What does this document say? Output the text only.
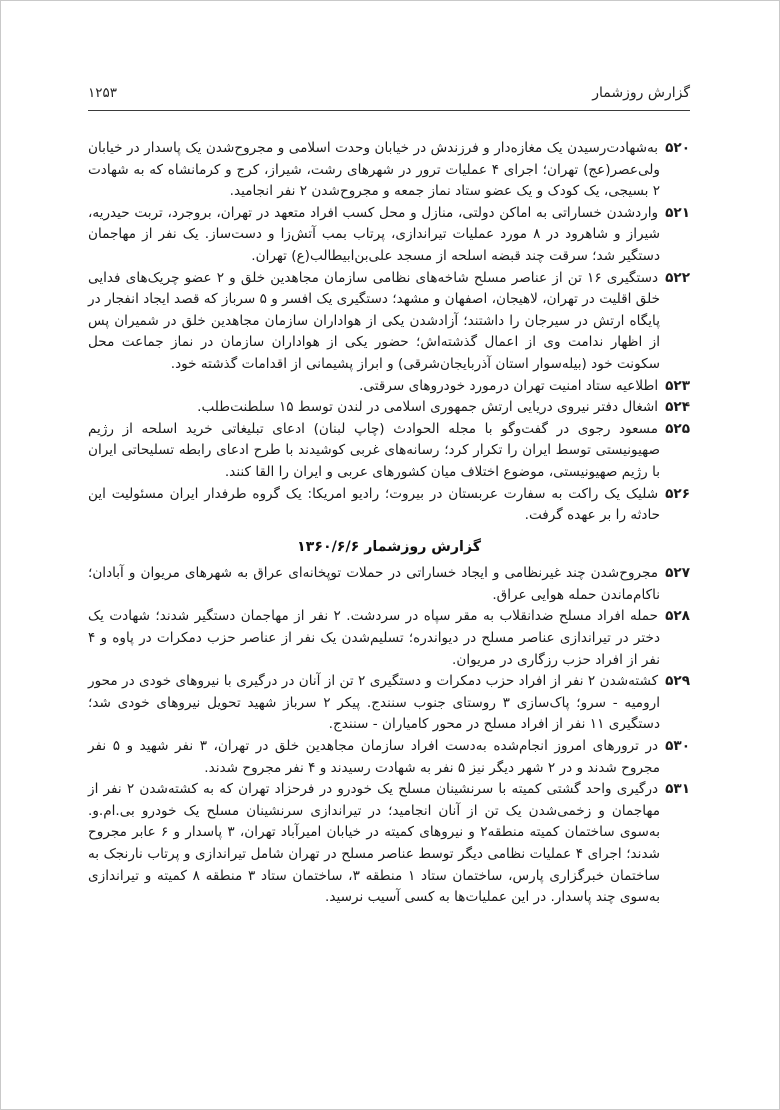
گزارش روزشمار
۱۲۵۳

۵۲۰به‌شهادت‌رسیدن یک مغازه‌دار و فرزندش در خیابان وحدت اسلامی و مجروح‌شدن یک پاسدار در خیابان ولی‌عصر(عج) تهران؛ اجرای ۴ عملیات ترور در شهرهای رشت، شیراز، کرج و کرمانشاه که به شهادت ۲ بسیجی، یک کودک و یک عضو ستاد نماز جمعه و مجروح‌شدن ۲ نفر انجامید.

۵۲۱واردشدن خساراتی به اماکن دولتی، منازل و محل کسب افراد متعهد در تهران، بروجرد، تربت حیدریه، شیراز و شاهرود در ۸ مورد عملیات تیراندازی، پرتاب بمب آتش‌زا و دست‌ساز. یک نفر از مهاجمان دستگیر شد؛ سرقت چند قبضه اسلحه از مسجد علی‌بن‌ابیطالب(ع) تهران.

۵۲۲دستگیری ۱۶ تن از عناصر مسلح شاخه‌های نظامی سازمان مجاهدین خلق و ۲ عضو چریک‌های فدایی خلق اقلیت در تهران، لاهیجان، اصفهان و مشهد؛ دستگیری یک افسر و ۵ سرباز که قصد ایجاد انفجار در پایگاه ارتش در سیرجان را داشتند؛ آزادشدن یکی از هواداران سازمان مجاهدین خلق در شمیران پس از اظهار ندامت وی از اعمال گذشته‌اش؛ حضور یکی از هواداران سازمان در نماز جماعت محل سکونت خود (بیله‌سوار استان آذربایجان‌شرقی) و ابراز پشیمانی از اقدامات گذشته خود.

۵۲۳اطلاعیه ستاد امنیت تهران درمورد خودروهای سرقتی.

۵۲۴اشغال دفتر نیروی دریایی ارتش جمهوری اسلامی در لندن توسط ۱۵ سلطنت‌طلب.

۵۲۵مسعود رجوی در گفت‌وگو با مجله الحوادث (چاپ لبنان) ادعای تبلیغاتی خرید اسلحه از رژیم صهیونیستی توسط ایران را تکرار کرد؛ رسانه‌های غربی کوشیدند با طرح ادعای رابطه تسلیحاتی ایران با رژیم صهیونیستی، موضوع اختلاف میان کشورهای عربی و ایران را القا کنند.

۵۲۶شلیک یک راکت به سفارت عربستان در بیروت؛ رادیو امریکا: یک گروه طرفدار ایران مسئولیت این حادثه را بر عهده گرفت.

گزارش روزشمار ۱۳۶۰/۶/۶

۵۲۷مجروح‌شدن چند غیرنظامی و ایجاد خساراتی در حملات توپخانه‌ای عراق به شهرهای مریوان و آبادان؛ ناکام‌ماندن حمله هوایی عراق.

۵۲۸حمله افراد مسلح ضدانقلاب به مقر سپاه در سردشت. ۲ نفر از مهاجمان دستگیر شدند؛ شهادت یک دختر در تیراندازی عناصر مسلح در دیواندره؛ تسلیم‌شدن یک نفر از عناصر حزب دمکرات در پاوه و ۴ نفر از افراد حزب رزگاری در مریوان.

۵۲۹کشته‌شدن ۲ نفر از افراد حزب دمکرات و دستگیری ۲ تن از آنان در درگیری با نیروهای خودی در محور ارومیه - سرو؛ پاک‌سازی ۳ روستای جنوب سنندج. پیکر ۲ سرباز شهید تحویل نیروهای خودی شد؛ دستگیری ۱۱ نفر از افراد مسلح در محور کامیاران - سنندج.

۵۳۰در ترورهای امروز انجام‌شده به‌دست افراد سازمان مجاهدین خلق در تهران، ۳ نفر شهید و ۵ نفر مجروح شدند و در ۲ شهر دیگر نیز ۵ نفر به شهادت رسیدند و ۴ نفر مجروح شدند.

۵۳۱درگیری واحد گشتی کمیته با سرنشینان مسلح یک خودرو در فرحزاد تهران که به کشته‌شدن ۲ نفر از مهاجمان و زخمی‌شدن یک تن از آنان انجامید؛ در تیراندازی سرنشینان مسلح یک خودرو بی‌.ام.و. به‌سوی ساختمان کمیته منطقه۲ و نیروهای کمیته در خیابان امیرآباد تهران، ۳ پاسدار و ۶ عابر مجروح شدند؛ اجرای ۴ عملیات نظامی دیگر توسط عناصر مسلح در تهران شامل تیراندازی و پرتاب نارنجک به ساختمان خبرگزاری پارس، ساختمان ستاد ۱ منطقه ۳، ساختمان ستاد ۳ منطقه ۸ کمیته و تیراندازی به‌سوی چند پاسدار. در این عملیات‌ها به کسی آسیب نرسید.
